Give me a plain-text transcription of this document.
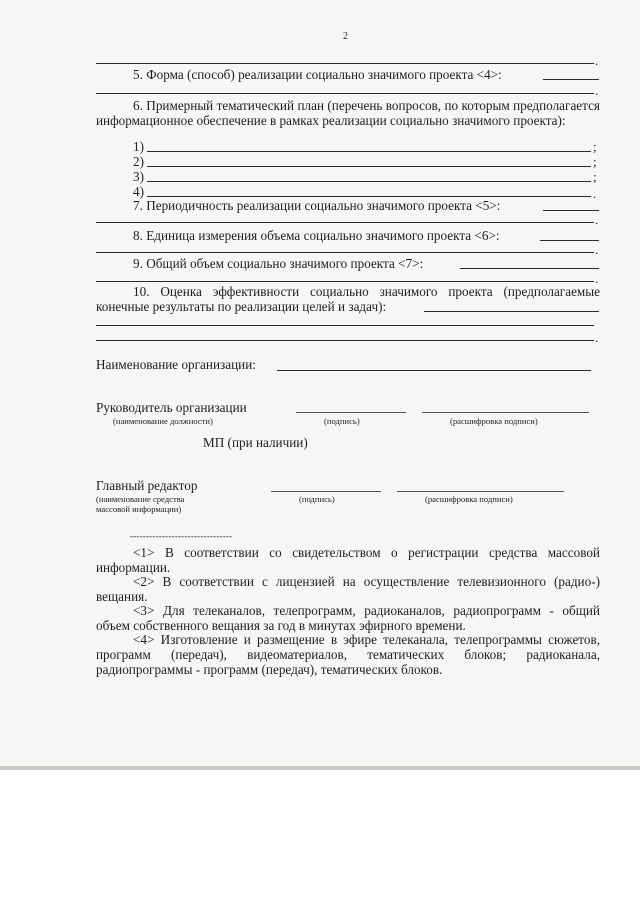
2
.
5. Форма (способ) реализации социально значимого проекта <4>:
.
6. Примерный тематический план (перечень вопросов, по которым предполагается информационное обеспечение в рамках реализации социально значимого проекта):
1)	;
2)	;
3)	;
4)	.
7. Периодичность реализации социально значимого проекта <5>:
.
8. Единица измерения объема социально значимого проекта <6>:
.
9. Общий объем социально значимого проекта <7>:
.
10. Оценка эффективности социально значимого проекта (предполагаемые конечные результаты по реализации целей и задач):
.
Наименование организации:
Руководитель организации
(наименование должности)	(подпись)	(расшифровка подписи)
МП (при наличии)
Главный редактор
(наименование средства
массовой информации)
(подпись)	(расшифровка подписи)
--------------------------------
<1> В соответствии со свидетельством о регистрации средства массовой информации.
<2> В соответствии с лицензией на осуществление телевизионного (радио-) вещания.
<3> Для телеканалов, телепрограмм, радиоканалов, радиопрограмм - общий объем собственного вещания за год в минутах эфирного времени.
<4> Изготовление и размещение в эфире телеканала, телепрограммы сюжетов, программ (передач), видеоматериалов, тематических блоков; радиоканала, радиопрограммы - программ (передач), тематических блоков.
